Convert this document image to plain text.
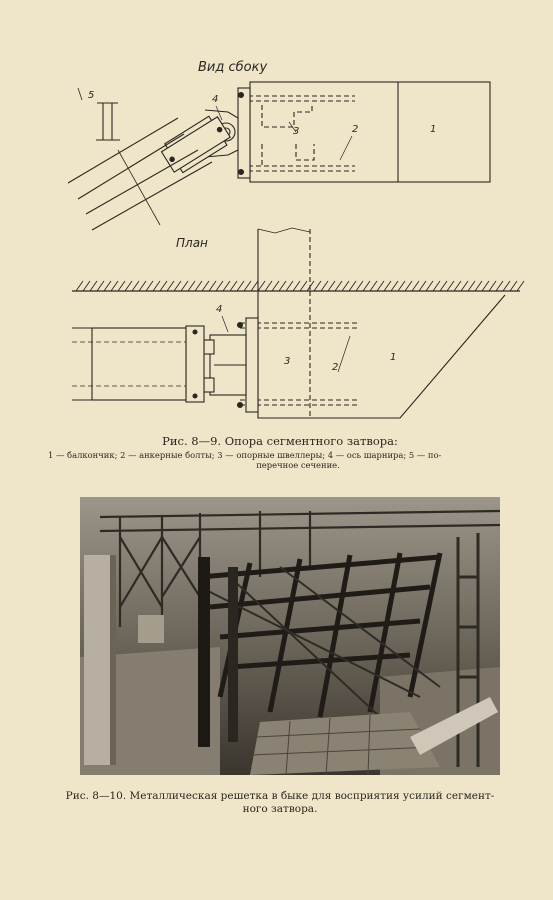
Вид сбоку
План
5	4
3	2	1
4
3
2
1
Рис. 8—9. Опора сегментного затвора:
1 — балкончик; 2 — анкерные болты; 3 — опорные швеллеры; 4 — ось шарнира; 5 — по-
перечное сечение.
Рис. 8—10. Металлическая решетка в быке для восприятия усилий сегмент-
ного затвора.
